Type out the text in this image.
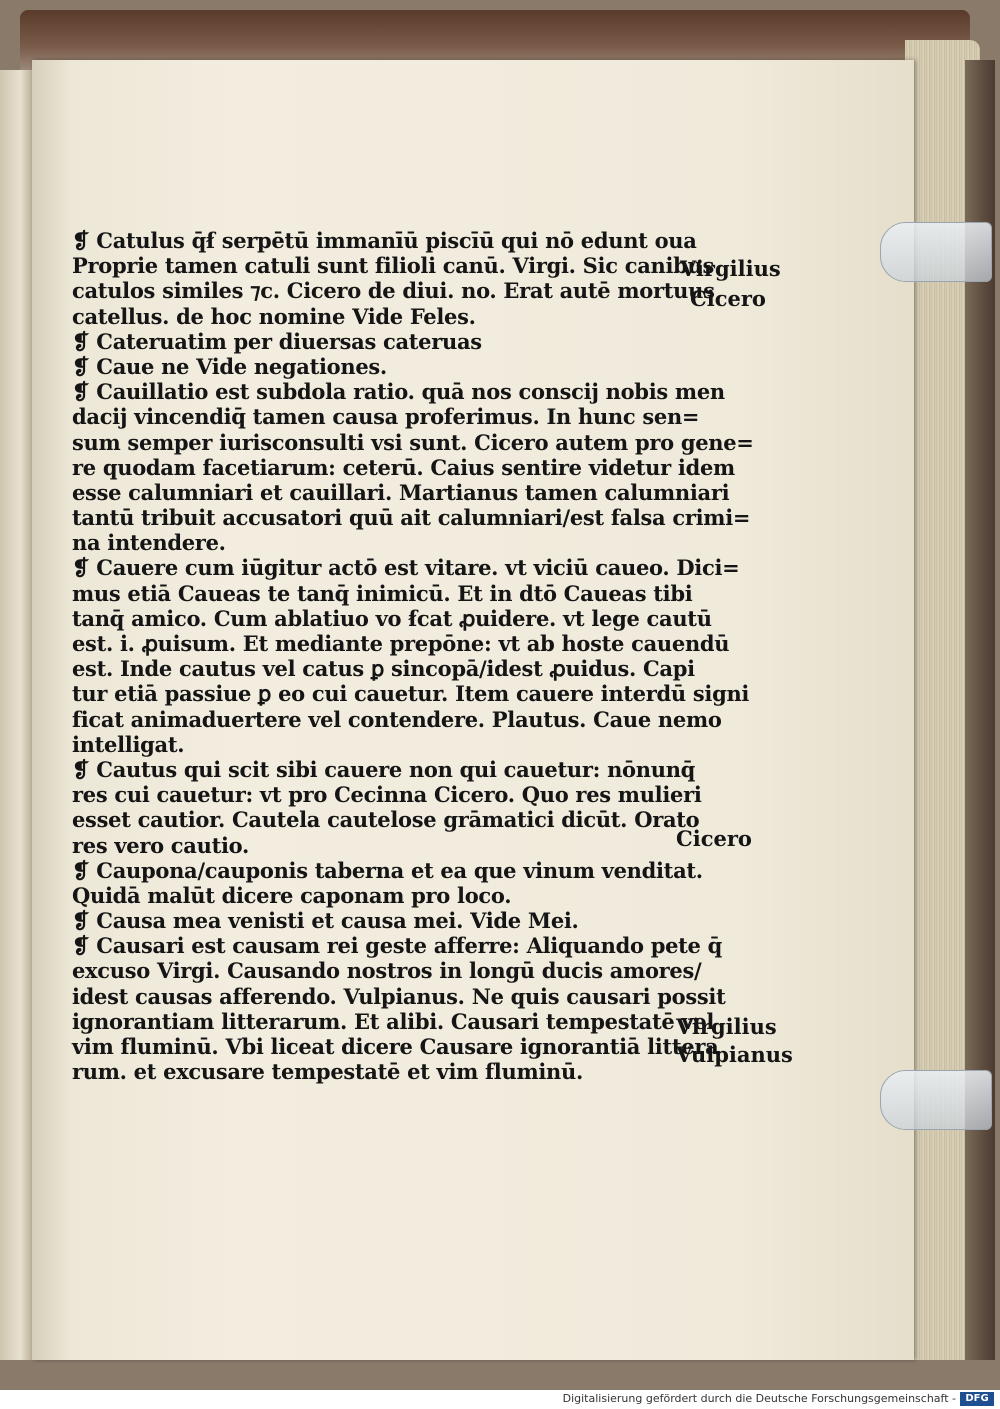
❡ Catulus q̄ẜ serpētū immanīū piscīū qui nō edunt oua
Proprie tamen catuli sunt filioli canū. Virgi. Sic canibus
catulos similes ⁊c. Cicero de diui. no. Erat autē mortuus
catellus. de hoc nomine Vide Feles.
❡ Cateruatim per diuersas cateruas
❡ Caue ne Vide negationes.
❡ Cauillatio est subdola ratio. quā nos conscij nobis men
dacij vincendiq̄ tamen causa proferimus. In hunc sen=
sum semper iurisconsulti vsi sunt. Cicero autem pro gene=
re quodam facetiarum: ceterū. Caius sentire videtur idem
esse calumniari et cauillari. Martianus tamen calumniari
tantū tribuit accusatori quū ait calumniari/est falsa crimi=
na intendere.
❡ Cauere cum iūgitur actō est vitare. vt viciū caueo. Dici=
mus etiā Caueas te tanq̄ inimicū. Et in dtō Caueas tibi
tanq̄ amico. Cum ablatiuo vo ẜcat ꝓuidere. vt lege cautū
est. i. ꝓuisum. Et mediante prepōne: vt ab hoste cauendū
est. Inde cautus vel catus ꝑ sincopā/idest ꝓuidus. Capi
tur etiā passiue ꝑ eo cui cauetur. Item cauere interdū signi
ficat animaduertere vel contendere. Plautus. Caue nemo
intelligat.
❡ Cautus qui scit sibi cauere non qui cauetur: nōnunq̄
res cui cauetur: vt pro Cecinna Cicero. Quo res mulieri
esset cautior. Cautela cautelose grāmatici dicūt. Orato
res vero cautio.
❡ Caupona/cauponis taberna et ea que vinum venditat.
Quidā malūt dicere caponam pro loco.
❡ Causa mea venisti et causa mei. Vide Mei.
❡ Causari est causam rei geste afferre: Aliquando pete q̄
excuso Virgi. Causando nostros in longū ducis amores/
idest causas afferendo. Vulpianus. Ne quis causari possit
ignorantiam litterarum. Et alibi. Causari tempestatē vel
vim fluminū. Vbi liceat dicere Causare ignorantiā littera
rum. et excusare tempestatē et vim fluminū.
Virgilius
Cicero
Cicero
Virgilius
Vulpianus
Digitalisierung gefördert durch die Deutsche Forschungsgemeinschaft - DFG
